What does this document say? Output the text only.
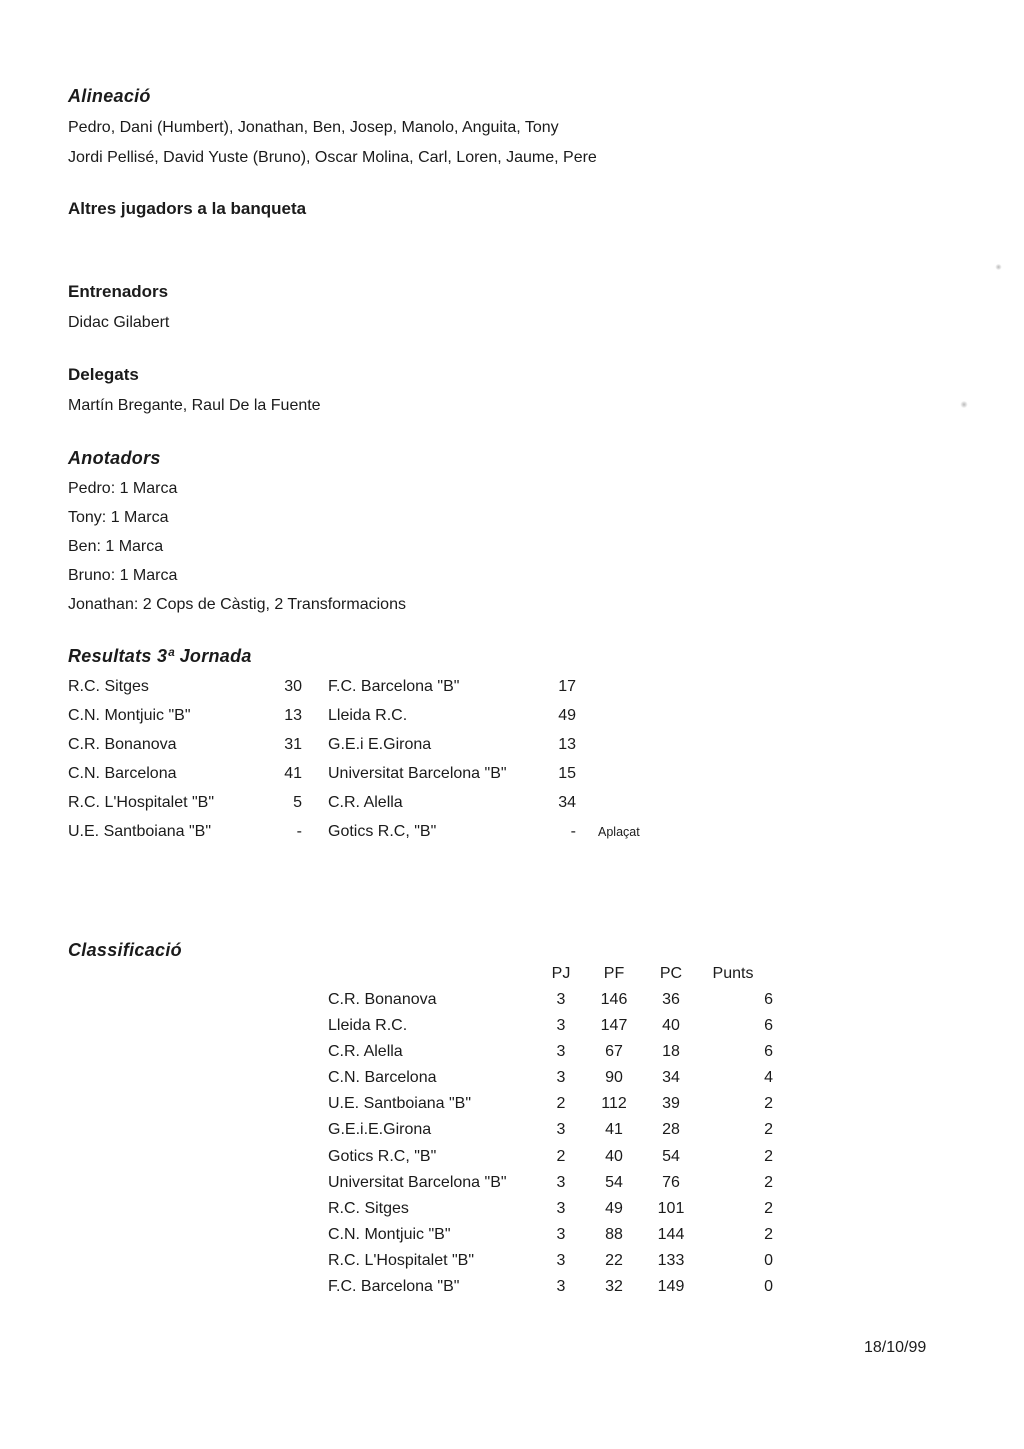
Alineació
Pedro, Dani (Humbert), Jonathan, Ben, Josep, Manolo, Anguita, Tony
Jordi Pellisé, David Yuste (Bruno), Oscar Molina, Carl, Loren, Jaume, Pere
Altres jugadors a la banqueta
Entrenadors
Didac Gilabert
Delegats
Martín Bregante, Raul De la Fuente
Anotadors
Pedro: 1 Marca
Tony: 1 Marca
Ben: 1 Marca
Bruno: 1 Marca
Jonathan: 2 Cops de Càstig, 2 Transformacions
Resultats 3ª Jornada
R.C. Sitges	30 F.C. Barcelona "B"	17
C.N. Montjuic "B"	13 Lleida R.C.	49
C.R. Bonanova	31 G.E.i E.Girona	13
C.N. Barcelona	41 Universitat Barcelona "B"	15
R.C. L'Hospitalet "B"	5 C.R. Alella	34
U.E. Santboiana "B"	- Gotics R.C, "B"	- Aplaçat
Classificació
PJ	PF	PC	Punts
C.R. Bonanova	3	146	36	6
Lleida R.C.	3	147	40	6
C.R. Alella	3	67	18	6
C.N. Barcelona	3	90	34	4
U.E. Santboiana "B"	2	112	39	2
G.E.i.E.Girona	3	41	28	2
Gotics R.C, "B"	2	40	54	2
Universitat Barcelona "B"	3	54	76	2
R.C. Sitges	3	49	101	2
C.N. Montjuic "B"	3	88	144	2
R.C. L'Hospitalet "B"	3	22	133	0
F.C. Barcelona "B"	3	32	149	0
18/10/99
